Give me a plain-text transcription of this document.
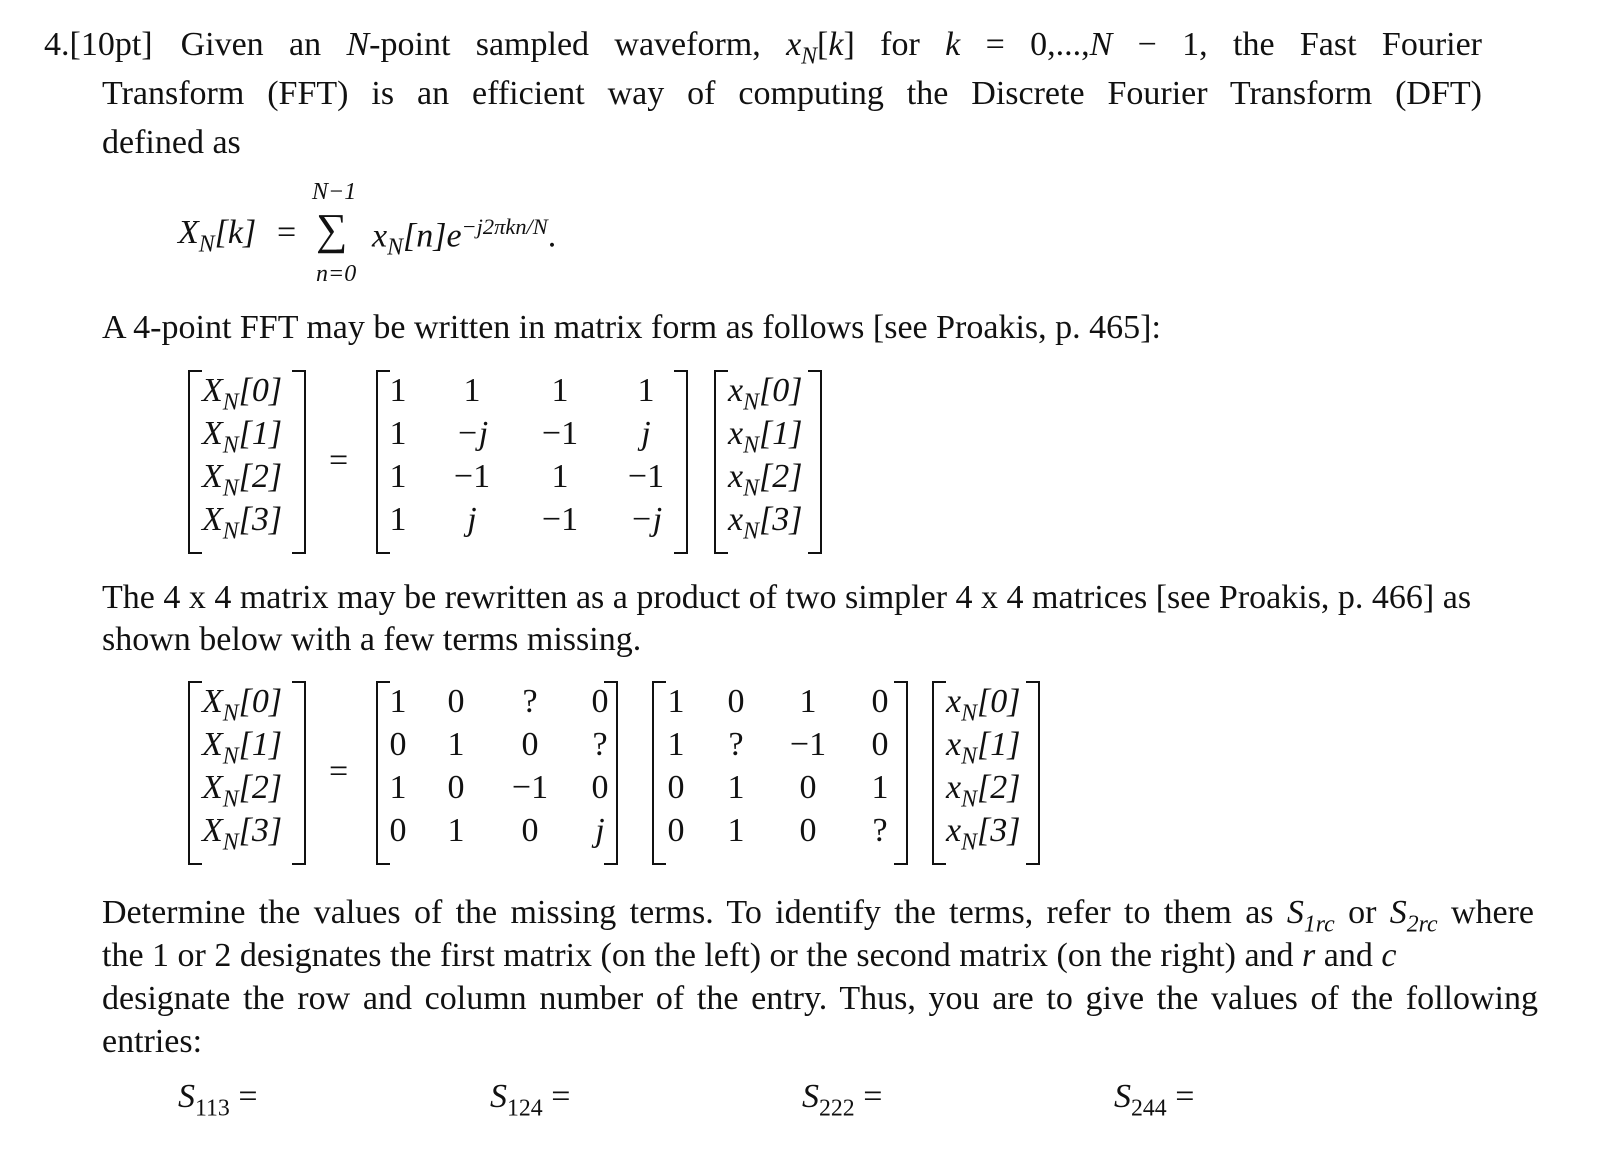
4.[10pt] Given an N-point sampled waveform, $x_N[k]$ for k = 0,...,N − 1, the Fast Fourier
Transform (FFT) is an efficient way of computing the Discrete Fourier Transform (DFT)
defined as
$X_N[k]$ =
N−1
∑
n=0
$x_N[n]e^{-j2\pi kn/N}$.
A 4-point FFT may be written in matrix form as follows [see Proakis, p. 465]:
$X_N[0]$
$X_N[1]$
$X_N[2]$
$X_N[3]$
=
1	1	1	1
1	−j	−1	j
1	−1	1	−1
1	j	−1	−j
$x_N[0]$
$x_N[1]$
$x_N[2]$
$x_N[3]$
The 4 x 4 matrix may be rewritten as a product of two simpler 4 x 4 matrices [see Proakis, p. 466] as
shown below with a few terms missing.
$X_N[0]$
$X_N[1]$
$X_N[2]$
$X_N[3]$
=
1	0	?	0
0	1	0	?
1	0	−1	0
0	1	0	j
1	0	1	0
1	?	−1	0
0	1	0	1
0	1	0	?
$x_N[0]$
$x_N[1]$
$x_N[2]$
$x_N[3]$
Determine the values of the missing terms. To identify the terms, refer to them as $S_{1rc}$ or $S_{2rc}$ where
the 1 or 2 designates the first matrix (on the left) or the second matrix (on the right) and r and c
designate the row and column number of the entry. Thus, you are to give the values of the following
entries:
$S_{113}$ =	$S_{124}$ =	$S_{222}$ =	$S_{244}$ =
